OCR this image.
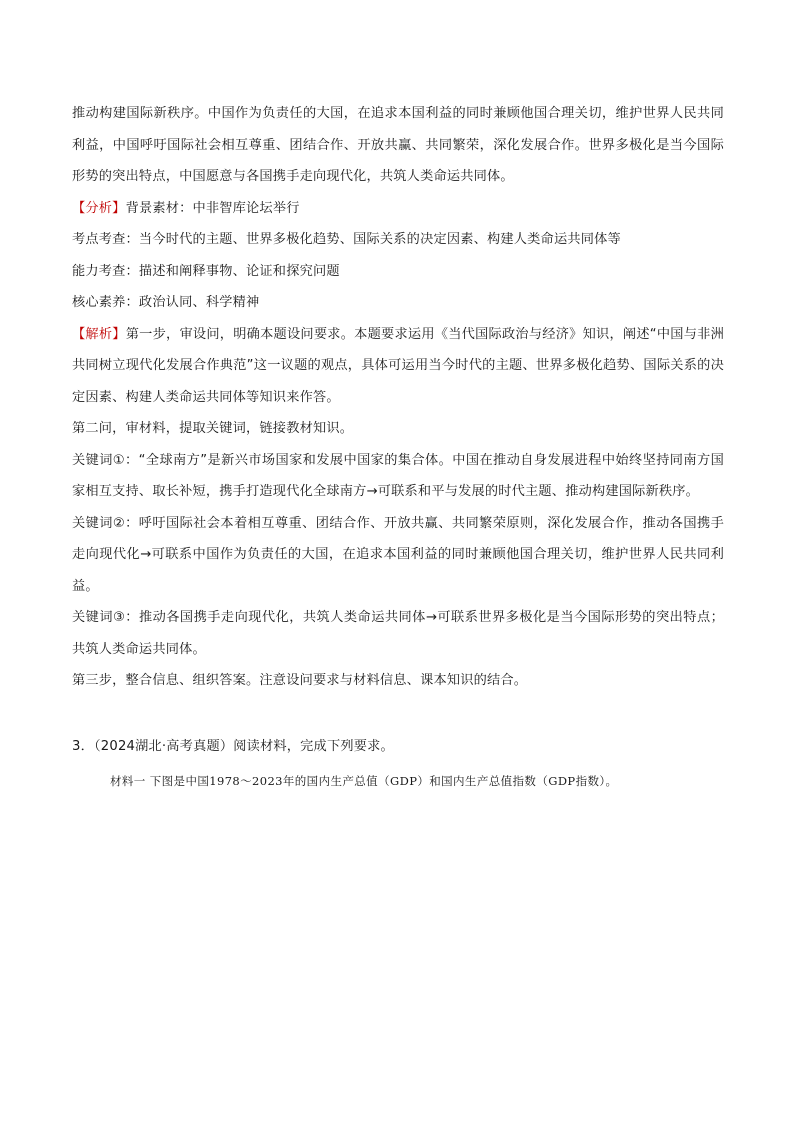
推动构建国际新秩序。中国作为负责任的大国，在追求本国利益的同时兼顾他国合理关切，维护世界人民共同利益，中国呼吁国际社会相互尊重、团结合作、开放共赢、共同繁荣，深化发展合作。世界多极化是当今国际形势的突出特点，中国愿意与各国携手走向现代化，共筑人类命运共同体。

【分析】背景素材：中非智库论坛举行

考点考查：当今时代的主题、世界多极化趋势、国际关系的决定因素、构建人类命运共同体等

能力考查：描述和阐释事物、论证和探究问题

核心素养：政治认同、科学精神

【解析】第一步，审设问，明确本题设问要求。本题要求运用《当代国际政治与经济》知识，阐述“中国与非洲共同树立现代化发展合作典范”这一议题的观点，具体可运用当今时代的主题、世界多极化趋势、国际关系的决定因素、构建人类命运共同体等知识来作答。

第二问，审材料，提取关键词，链接教材知识。

关键词①：“全球南方”是新兴市场国家和发展中国家的集合体。中国在推动自身发展进程中始终坚持同南方国家相互支持、取长补短，携手打造现代化全球南方→可联系和平与发展的时代主题、推动构建国际新秩序。

关键词②：呼吁国际社会本着相互尊重、团结合作、开放共赢、共同繁荣原则，深化发展合作，推动各国携手走向现代化→可联系中国作为负责任的大国，在追求本国利益的同时兼顾他国合理关切，维护世界人民共同利益。

关键词③：推动各国携手走向现代化，共筑人类命运共同体→可联系世界多极化是当今国际形势的突出特点；共筑人类命运共同体。

第三步，整合信息、组织答案。注意设问要求与材料信息、课本知识的结合。

3．（2024湖北·高考真题）阅读材料，完成下列要求。
材料一 下图是中国1978～2023年的国内生产总值（GDP）和国内生产总值指数（GDP指数）。
